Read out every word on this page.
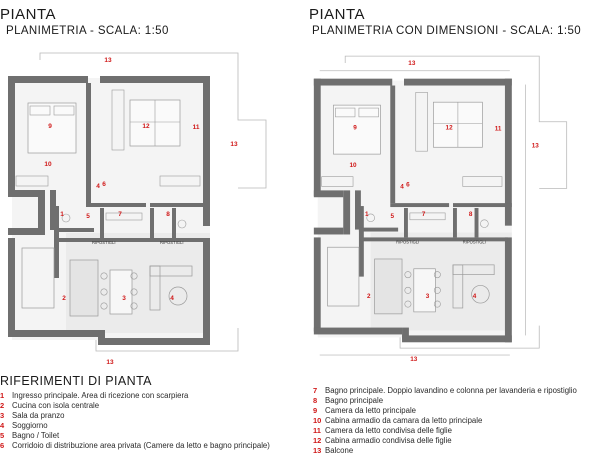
PIANTA
PLANIMETRIA - SCALA: 1:50
PIANTA
PLANIMETRIA CON DIMENSIONI - SCALA: 1:50
RIPOSTIGLI	RIPOSTIGLI
13
9	12	11
13
10
4 6
1	5	7	8
2	3	4
13
RIPOSTIGLI	RIPOSTIGLI
13
9	12	11
13
10
4 6
1	5	7	8
2	3	4
13
RIFERIMENTI DI PIANTA
1	Ingresso principale. Area di ricezione con scarpiera
2	Cucina con isola centrale
3	Sala da pranzo
4	Soggiorno
5	Bagno / Toilet
6	Corridoio di distribuzione area privata (Camere da letto e bagno principale)
7	Bagno principale. Doppio lavandino e colonna per lavanderia e ripostiglio
8	Bagno principale
9	Camera da letto principale
10 Cabina armadio da camara da letto principale
11 Camera da letto condivisa delle figlie
12 Cabina armadio condivisa delle figlie
13 Balcone
